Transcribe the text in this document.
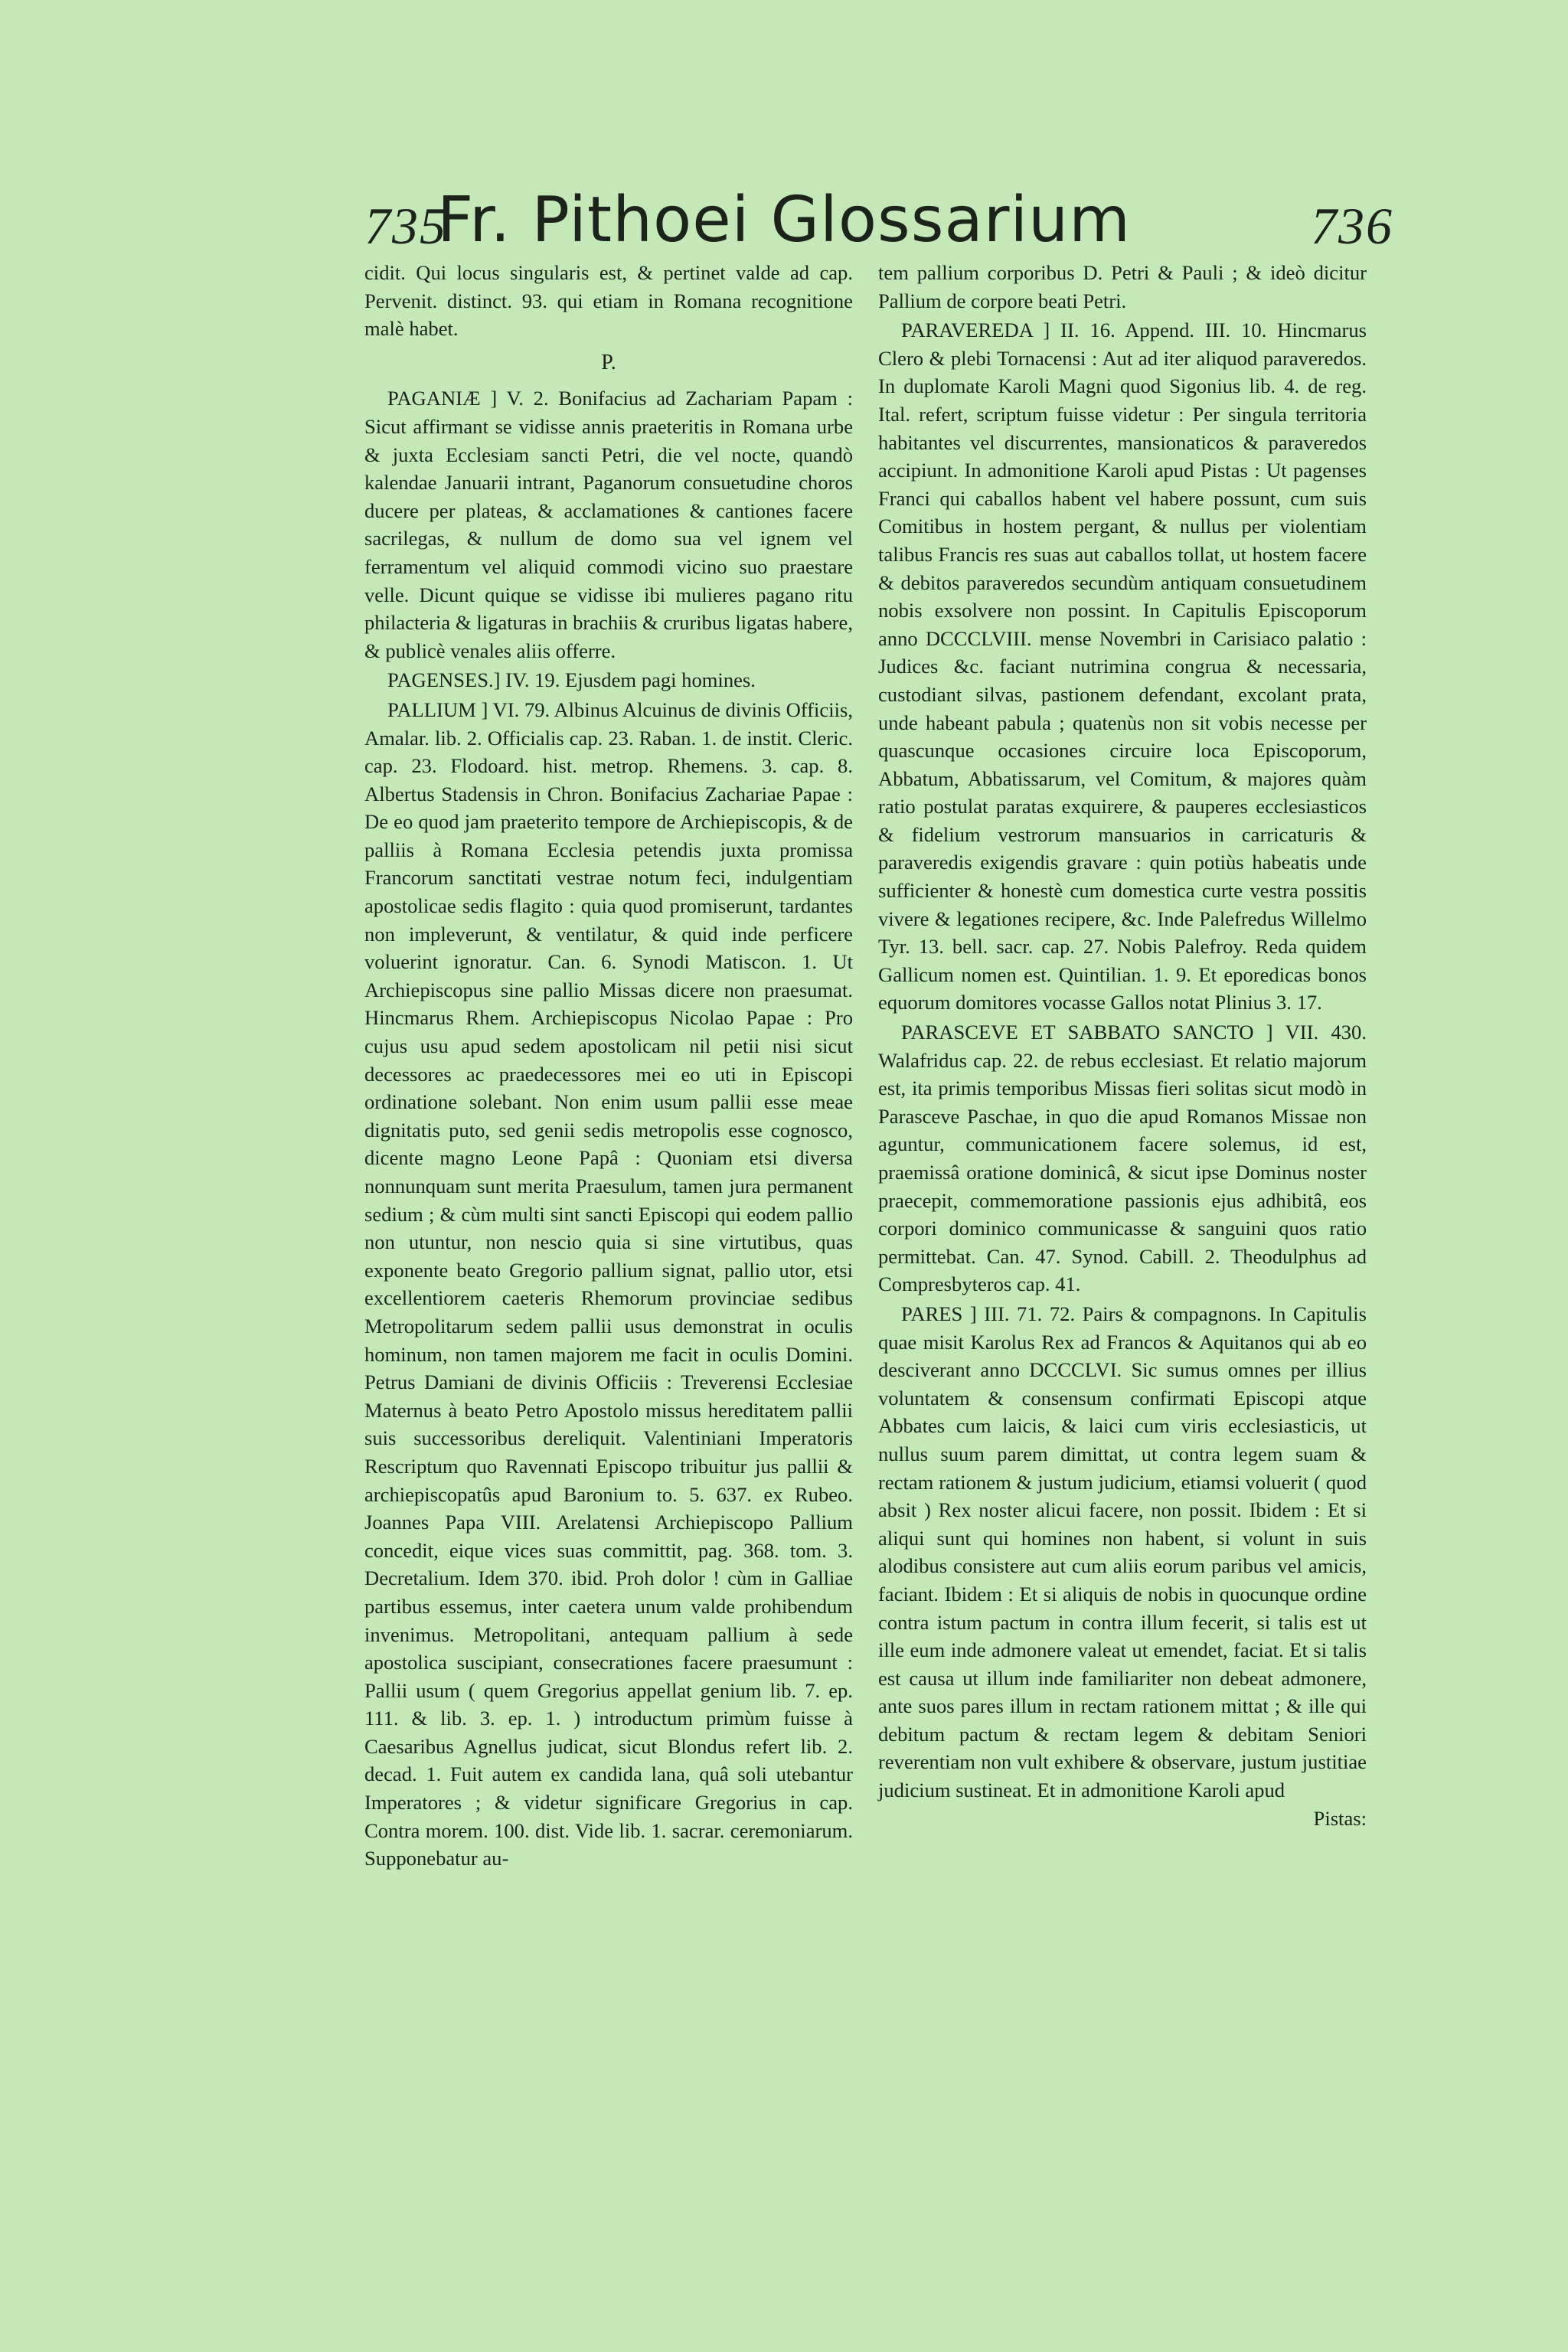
735
Fr. Pithoei Glossarium	736

cidit. Qui locus singularis est, & pertinet valde ad cap. Pervenit. distinct. 93. qui etiam in Romana recognitione malè habet.

P.

PAGANIÆ ] V. 2. Bonifacius ad Zachariam Papam : Sicut affirmant se vidisse annis praeteritis in Romana urbe & juxta Ecclesiam sancti Petri, die vel nocte, quandò kalendae Januarii intrant, Paganorum consuetudine choros ducere per plateas, & acclamationes & cantiones facere sacrilegas, & nullum de domo sua vel ignem vel ferramentum vel aliquid commodi vicino suo praestare velle. Dicunt quique se vidisse ibi mulieres pagano ritu philacteria & ligaturas in brachiis & cruribus ligatas habere, & publicè venales aliis offerre.

PAGENSES.] IV. 19. Ejusdem pagi homines.

PALLIUM ] VI. 79. Albinus Alcuinus de divinis Officiis, Amalar. lib. 2. Officialis cap. 23. Raban. 1. de instit. Cleric. cap. 23. Flodoard. hist. metrop. Rhemens. 3. cap. 8. Albertus Stadensis in Chron. Bonifacius Zachariae Papae : De eo quod jam praeterito tempore de Archiepiscopis, & de palliis à Romana Ecclesia petendis juxta promissa Francorum sanctitati vestrae notum feci, indulgentiam apostolicae sedis flagito : quia quod promiserunt, tardantes non impleverunt, & ventilatur, & quid inde perficere voluerint ignoratur. Can. 6. Synodi Matiscon. 1. Ut Archiepiscopus sine pallio Missas dicere non praesumat. Hincmarus Rhem. Archiepiscopus Nicolao Papae : Pro cujus usu apud sedem apostolicam nil petii nisi sicut decessores ac praedecessores mei eo uti in Episcopi ordinatione solebant. Non enim usum pallii esse meae dignitatis puto, sed genii sedis metropolis esse cognosco, dicente magno Leone Papâ : Quoniam etsi diversa nonnunquam sunt merita Praesulum, tamen jura permanent sedium ; & cùm multi sint sancti Episcopi qui eodem pallio non utuntur, non nescio quia si sine virtutibus, quas exponente beato Gregorio pallium signat, pallio utor, etsi excellentiorem caeteris Rhemorum provinciae sedibus Metropolitarum sedem pallii usus demonstrat in oculis hominum, non tamen majorem me facit in oculis Domini. Petrus Damiani de divinis Officiis : Treverensi Ecclesiae Maternus à beato Petro Apostolo missus hereditatem pallii suis successoribus dereliquit. Valentiniani Imperatoris Rescriptum quo Ravennati Episcopo tribuitur jus pallii & archiepiscopatûs apud Baronium to. 5. 637. ex Rubeo. Joannes Papa VIII. Arelatensi Archiepiscopo Pallium concedit, eique vices suas committit, pag. 368. tom. 3. Decretalium. Idem 370. ibid. Proh dolor ! cùm in Galliae partibus essemus, inter caetera unum valde prohibendum invenimus. Metropolitani, antequam pallium à sede apostolica suscipiant, consecrationes facere praesumunt : Pallii usum ( quem Gregorius appellat genium lib. 7. ep. 111. & lib. 3. ep. 1. ) introductum primùm fuisse à Caesaribus Agnellus judicat, sicut Blondus refert lib. 2. decad. 1. Fuit autem ex candida lana, quâ soli utebantur Imperatores ; & videtur significare Gregorius in cap. Contra morem. 100. dist. Vide lib. 1. sacrar. ceremoniarum. Supponebatur au-

tem pallium corporibus D. Petri & Pauli ; & ideò dicitur Pallium de corpore beati Petri.

PARAVEREDA ] II. 16. Append. III. 10. Hincmarus Clero & plebi Tornacensi : Aut ad iter aliquod paraveredos. In duplomate Karoli Magni quod Sigonius lib. 4. de reg. Ital. refert, scriptum fuisse videtur : Per singula territoria habitantes vel discurrentes, mansionaticos & paraveredos accipiunt. In admonitione Karoli apud Pistas : Ut pagenses Franci qui caballos habent vel habere possunt, cum suis Comitibus in hostem pergant, & nullus per violentiam talibus Francis res suas aut caballos tollat, ut hostem facere & debitos paraveredos secundùm antiquam consuetudinem nobis exsolvere non possint. In Capitulis Episcoporum anno DCCCLVIII. mense Novembri in Carisiaco palatio : Judices &c. faciant nutrimina congrua & necessaria, custodiant silvas, pastionem defendant, excolant prata, unde habeant pabula ; quatenùs non sit vobis necesse per quascunque occasiones circuire loca Episcoporum, Abbatum, Abbatissarum, vel Comitum, & majores quàm ratio postulat paratas exquirere, & pauperes ecclesiasticos & fidelium vestrorum mansuarios in carricaturis & paraveredis exigendis gravare : quin potiùs habeatis unde sufficienter & honestè cum domestica curte vestra possitis vivere & legationes recipere, &c. Inde Palefredus Willelmo Tyr. 13. bell. sacr. cap. 27. Nobis Palefroy. Reda quidem Gallicum nomen est. Quintilian. 1. 9. Et eporedicas bonos equorum domitores vocasse Gallos notat Plinius 3. 17.

PARASCEVE ET SABBATO SANCTO ] VII. 430. Walafridus cap. 22. de rebus ecclesiast. Et relatio majorum est, ita primis temporibus Missas fieri solitas sicut modò in Parasceve Paschae, in quo die apud Romanos Missae non aguntur, communicationem facere solemus, id est, praemissâ oratione dominicâ, & sicut ipse Dominus noster praecepit, commemoratione passionis ejus adhibitâ, eos corpori dominico communicasse & sanguini quos ratio permittebat. Can. 47. Synod. Cabill. 2. Theodulphus ad Compresbyteros cap. 41.

PARES ] III. 71. 72. Pairs & compagnons. In Capitulis quae misit Karolus Rex ad Francos & Aquitanos qui ab eo desciverant anno DCCCLVI. Sic sumus omnes per illius voluntatem & consensum confirmati Episcopi atque Abbates cum laicis, & laici cum viris ecclesiasticis, ut nullus suum parem dimittat, ut contra legem suam & rectam rationem & justum judicium, etiamsi voluerit ( quod absit ) Rex noster alicui facere, non possit. Ibidem : Et si aliqui sunt qui homines non habent, si volunt in suis alodibus consistere aut cum aliis eorum paribus vel amicis, faciant. Ibidem : Et si aliquis de nobis in quocunque ordine contra istum pactum in contra illum fecerit, si talis est ut ille eum inde admonere valeat ut emendet, faciat. Et si talis est causa ut illum inde familiariter non debeat admonere, ante suos pares illum in rectam rationem mittat ; & ille qui debitum pactum & rectam legem & debitam Seniori reverentiam non vult exhibere & observare, justum justitiae judicium sustineat. Et in admonitione Karoli apud

Pistas:
